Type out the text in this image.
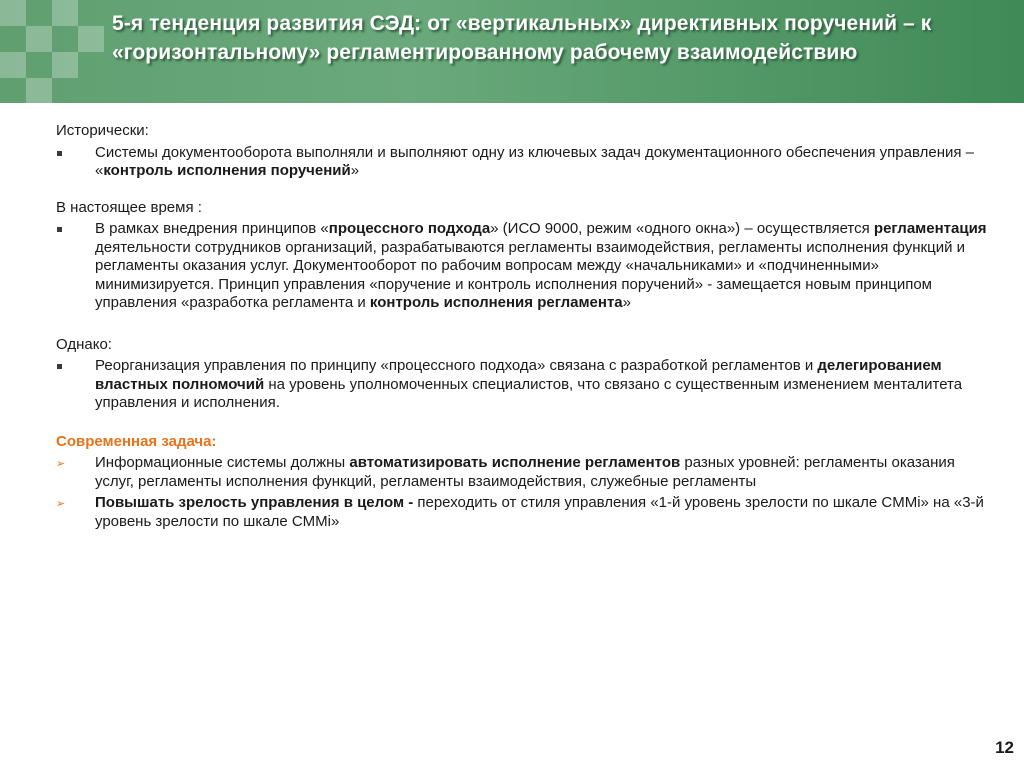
5-я тенденция развития СЭД: от «вертикальных» директивных поручений – к «горизонтальному» регламентированному рабочему взаимодействию

Исторически:

Системы документооборота выполняли и выполняют одну из ключевых задач документационного обеспечения управления – «контроль исполнения поручений»

В настоящее время :

В рамках внедрения принципов «процессного подхода» (ИСО 9000, режим «одного окна») – осуществляется регламентация деятельности сотрудников организаций, разрабатываются регламенты взаимодействия, регламенты исполнения функций и регламенты оказания услуг. Документооборот по рабочим вопросам между «начальниками» и «подчиненными» минимизируется. Принцип управления «поручение и контроль исполнения поручений» - замещается новым принципом управления «разработка регламента и контроль исполнения регламента»

Однако:

Реорганизация управления по принципу «процессного подхода» связана с разработкой регламентов и делегированием властных полномочий на уровень уполномоченных специалистов, что связано с существенным изменением менталитета управления и исполнения.

Современная задача:

➢	Информационные системы должны автоматизировать исполнение регламентов разных уровней: регламенты оказания услуг, регламенты исполнения функций, регламенты взаимодействия, служебные регламенты
➢	Повышать зрелость управления в целом - переходить от стиля управления «1-й уровень зрелости по шкале CMMi» на «3-й уровень зрелости по шкале CMMi»
12
